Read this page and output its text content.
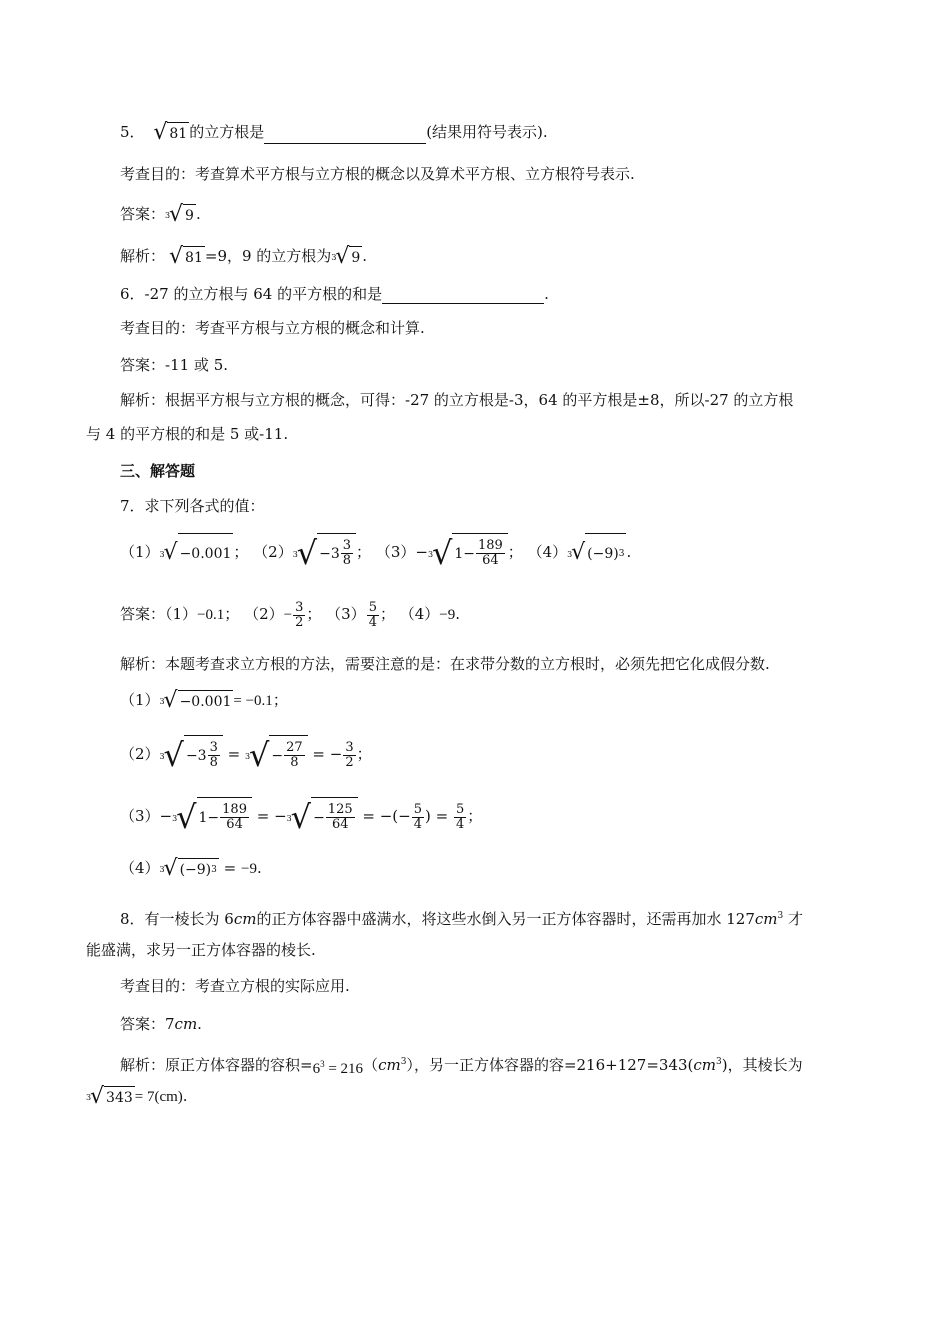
5． √ 81 的立方根是	(结果用符号表示).
考查目的：考查算术平方根与立方根的概念以及算术平方根、立方根符号表示.
答案： 3
√ 9 .
解析： √ 81 =9，9 的立方根为 3
√ 9 .
6．-27 的立方根与 64 的平方根的和是	.
考查目的：考查平方根与立方根的概念和计算.
答案：-11 或 5.
解析：根据平方根与立方根的概念，可得：-27 的立方根是-3，64 的平方根是±8，所以-27 的立方根
与 4 的平方根的和是 5 或-11.
三、解答题
7．求下列各式的值：
（1） 3
√ −0.001 ； （2） 3
√ $-3 \frac{3}{8}$ ； （3）− 3
√ $1- \frac{189}{64}$ ； （4） 3
√ (−9) 3 .
答案：（1）−0.1； $(2)- \frac{3}{2}$ ； $(3) \frac{5}{4}$ ； （4）−9.
解析：本题考查求立方根的方法，需要注意的是：在求带分数的立方根时，必须先把它化成假分数.
（1） 3
√ −0.001 = −0.1；
（2） 3
√ $-3 \frac{3}{8} = 3$
√ − $\frac{27}{8}$ = − $\frac{3}{2}$ ；
（3）− 3
√ $1- \frac{189}{64}$ = − 3
√ − $\frac{125}{64}$ = −(− $\frac{5}{4}$ ) = $\frac{5}{4}$ ；
（4） 3
√ (−9) 3 = −9.
8．有一棱长为 6cm的正方体容器中盛满水，将这些水倒入另一正方体容器时，还需再加水 $127cm^3$ 才
能盛满，求另一正方体容器的棱长.
考查目的：考查立方根的实际应用.
答案：7cm.
解析：原正方体容器的容积$=6^3 = 216(cm^3)$，另一正方体容器的容$=216+127=343(cm^3)$，其棱长为
3
√ 343 = 7(cm).
